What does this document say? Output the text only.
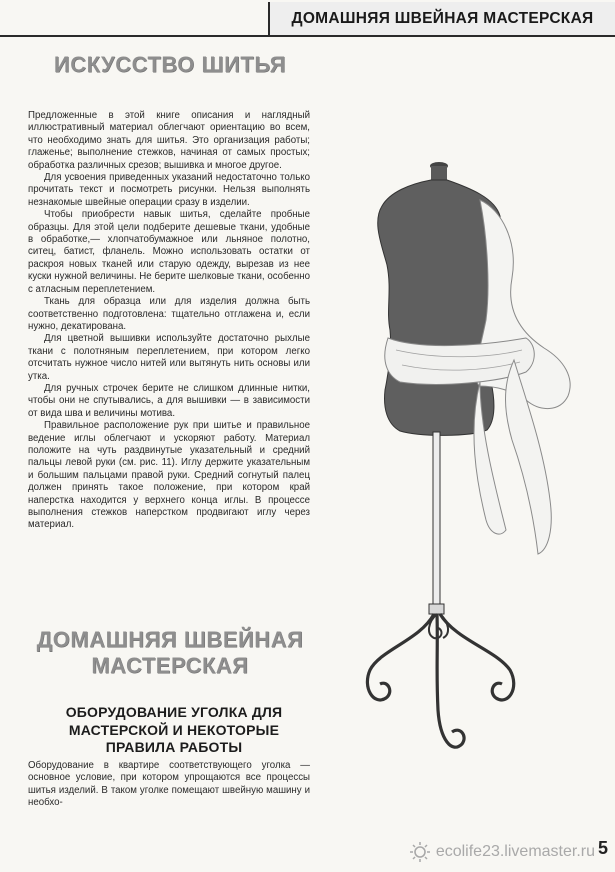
ДОМАШНЯЯ ШВЕЙНАЯ МАСТЕРСКАЯ
ИСКУССТВО ШИТЬЯ

Предложенные в этой книге описания и наглядный иллюстративный материал облегчают ориентацию во всем, что необходимо знать для шитья. Это организация работы; глаженье; выполнение стежков, начиная от самых простых; обработка различных срезов; вышивка и многое другое.

Для усвоения приведенных указаний недостаточно только прочитать текст и посмотреть рисунки. Нельзя выполнять незнакомые швейные операции сразу в изделии.

Чтобы приобрести навык шитья, сделайте пробные образцы. Для этой цели подберите дешевые ткани, удобные в обработке,— хлопчатобумажное или льняное полотно, ситец, батист, фланель. Можно использовать остатки от раскроя новых тканей или старую одежду, вырезав из нее куски нужной величины. Не берите шелковые ткани, особенно с атласным переплетением.

Ткань для образца или для изделия должна быть соответственно подготовлена: тщательно отглажена и, если нужно, декатирована.

Для цветной вышивки используйте достаточно рыхлые ткани с полотняным переплетением, при котором легко отсчитать нужное число нитей или вытянуть нить основы или утка.

Для ручных строчек берите не слишком длинные нитки, чтобы они не спутывались, а для вышивки — в зависимости от вида шва и величины мотива.

Правильное расположение рук при шитье и правильное ведение иглы облегчают и ускоряют работу. Материал положите на чуть раздвинутые указательный и средний пальцы левой руки (см. рис. 11). Иглу держите указательным и большим пальцами правой руки. Средний согнутый палец должен принять такое положение, при котором край наперстка находится у верхнего конца иглы. В процессе выполнения стежков наперстком продвигают иглу через материал.

ДОМАШНЯЯ ШВЕЙНАЯ
МАСТЕРСКАЯ
ОБОРУДОВАНИЕ УГОЛКА ДЛЯ
МАСТЕРСКОЙ И НЕКОТОРЫЕ
ПРАВИЛА РАБОТЫ

Оборудование в квартире соответствующего уголка — основное условие, при котором упрощаются все процессы шитья изделий. В таком уголке помещают швейную машину и необхо-

ecolife23.livemaster.ru 5
